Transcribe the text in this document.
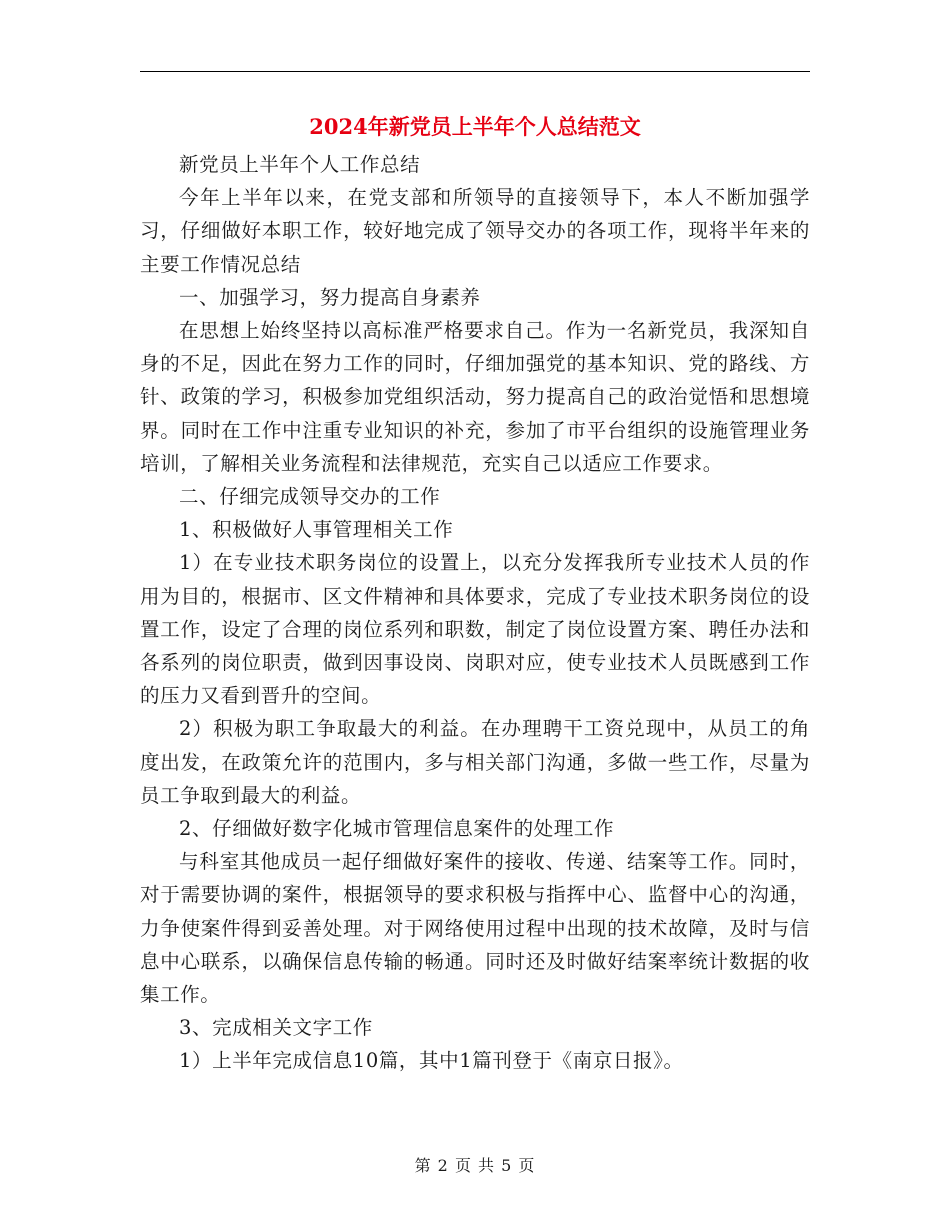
2024年新党员上半年个人总结范文

新党员上半年个人工作总结

今年上半年以来，在党支部和所领导的直接领导下，本人不断加强学习，仔细做好本职工作，较好地完成了领导交办的各项工作，现将半年来的主要工作情况总结

一、加强学习，努力提高自身素养

在思想上始终坚持以高标准严格要求自己。作为一名新党员，我深知自身的不足，因此在努力工作的同时，仔细加强党的基本知识、党的路线、方针、政策的学习，积极参加党组织活动，努力提高自己的政治觉悟和思想境界。同时在工作中注重专业知识的补充，参加了市平台组织的设施管理业务培训，了解相关业务流程和法律规范，充实自己以适应工作要求。

二、仔细完成领导交办的工作

1、积极做好人事管理相关工作

1）在专业技术职务岗位的设置上，以充分发挥我所专业技术人员的作用为目的，根据市、区文件精神和具体要求，完成了专业技术职务岗位的设置工作，设定了合理的岗位系列和职数，制定了岗位设置方案、聘任办法和各系列的岗位职责，做到因事设岗、岗职对应，使专业技术人员既感到工作的压力又看到晋升的空间。

2）积极为职工争取最大的利益。在办理聘干工资兑现中，从员工的角度出发，在政策允许的范围内，多与相关部门沟通，多做一些工作，尽量为员工争取到最大的利益。

2、仔细做好数字化城市管理信息案件的处理工作

与科室其他成员一起仔细做好案件的接收、传递、结案等工作。同时，对于需要协调的案件，根据领导的要求积极与指挥中心、监督中心的沟通，力争使案件得到妥善处理。对于网络使用过程中出现的技术故障，及时与信息中心联系，以确保信息传输的畅通。同时还及时做好结案率统计数据的收集工作。

3、完成相关文字工作

1）上半年完成信息10篇，其中1篇刊登于《南京日报》。

第 2 页 共 5 页
